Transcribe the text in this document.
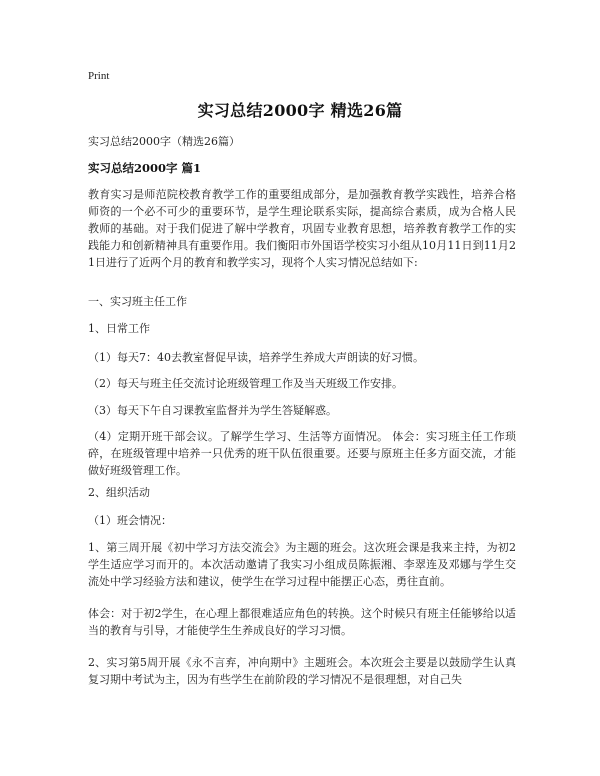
Print
实习总结2000字 精选26篇
实习总结2000字（精选26篇）
实习总结2000字 篇1
教育实习是师范院校教育教学工作的重要组成部分，是加强教育教学实践性，培养合格师资的一个必不可少的重要环节，是学生理论联系实际，提高综合素质，成为合格人民教师的基础。对于我们促进了解中学教育，巩固专业教育思想，培养教育教学工作的实践能力和创新精神具有重要作用。我们衡阳市外国语学校实习小组从10月11日到11月21日进行了近两个月的教育和教学实习，现将个人实习情况总结如下:
一、实习班主任工作
1、日常工作
（1）每天7：40去教室督促早读，培养学生养成大声朗读的好习惯。
（2）每天与班主任交流讨论班级管理工作及当天班级工作安排。
（3）每天下午自习课教室监督并为学生答疑解惑。
（4）定期开班干部会议。了解学生学习、生活等方面情况。 体会：实习班主任工作琐碎，在班级管理中培养一只优秀的班干队伍很重要。还要与原班主任多方面交流，才能做好班级管理工作。
2、组织活动
（1）班会情况：
1、第三周开展《初中学习方法交流会》为主题的班会。这次班会课是我来主持，为初2学生适应学习而开的。本次活动邀请了我实习小组成员陈振湘、李翠连及邓娜与学生交流处中学习经验方法和建议，使学生在学习过程中能摆正心态，勇往直前。
体会：对于初2学生，在心理上都很难适应角色的转换。这个时候只有班主任能够给以适当的教育与引导，才能使学生生养成良好的学习习惯。
2、实习第5周开展《永不言弃，冲向期中》主题班会。本次班会主要是以鼓励学生认真复习期中考试为主，因为有些学生在前阶段的学习情况不是很理想，对自己失
